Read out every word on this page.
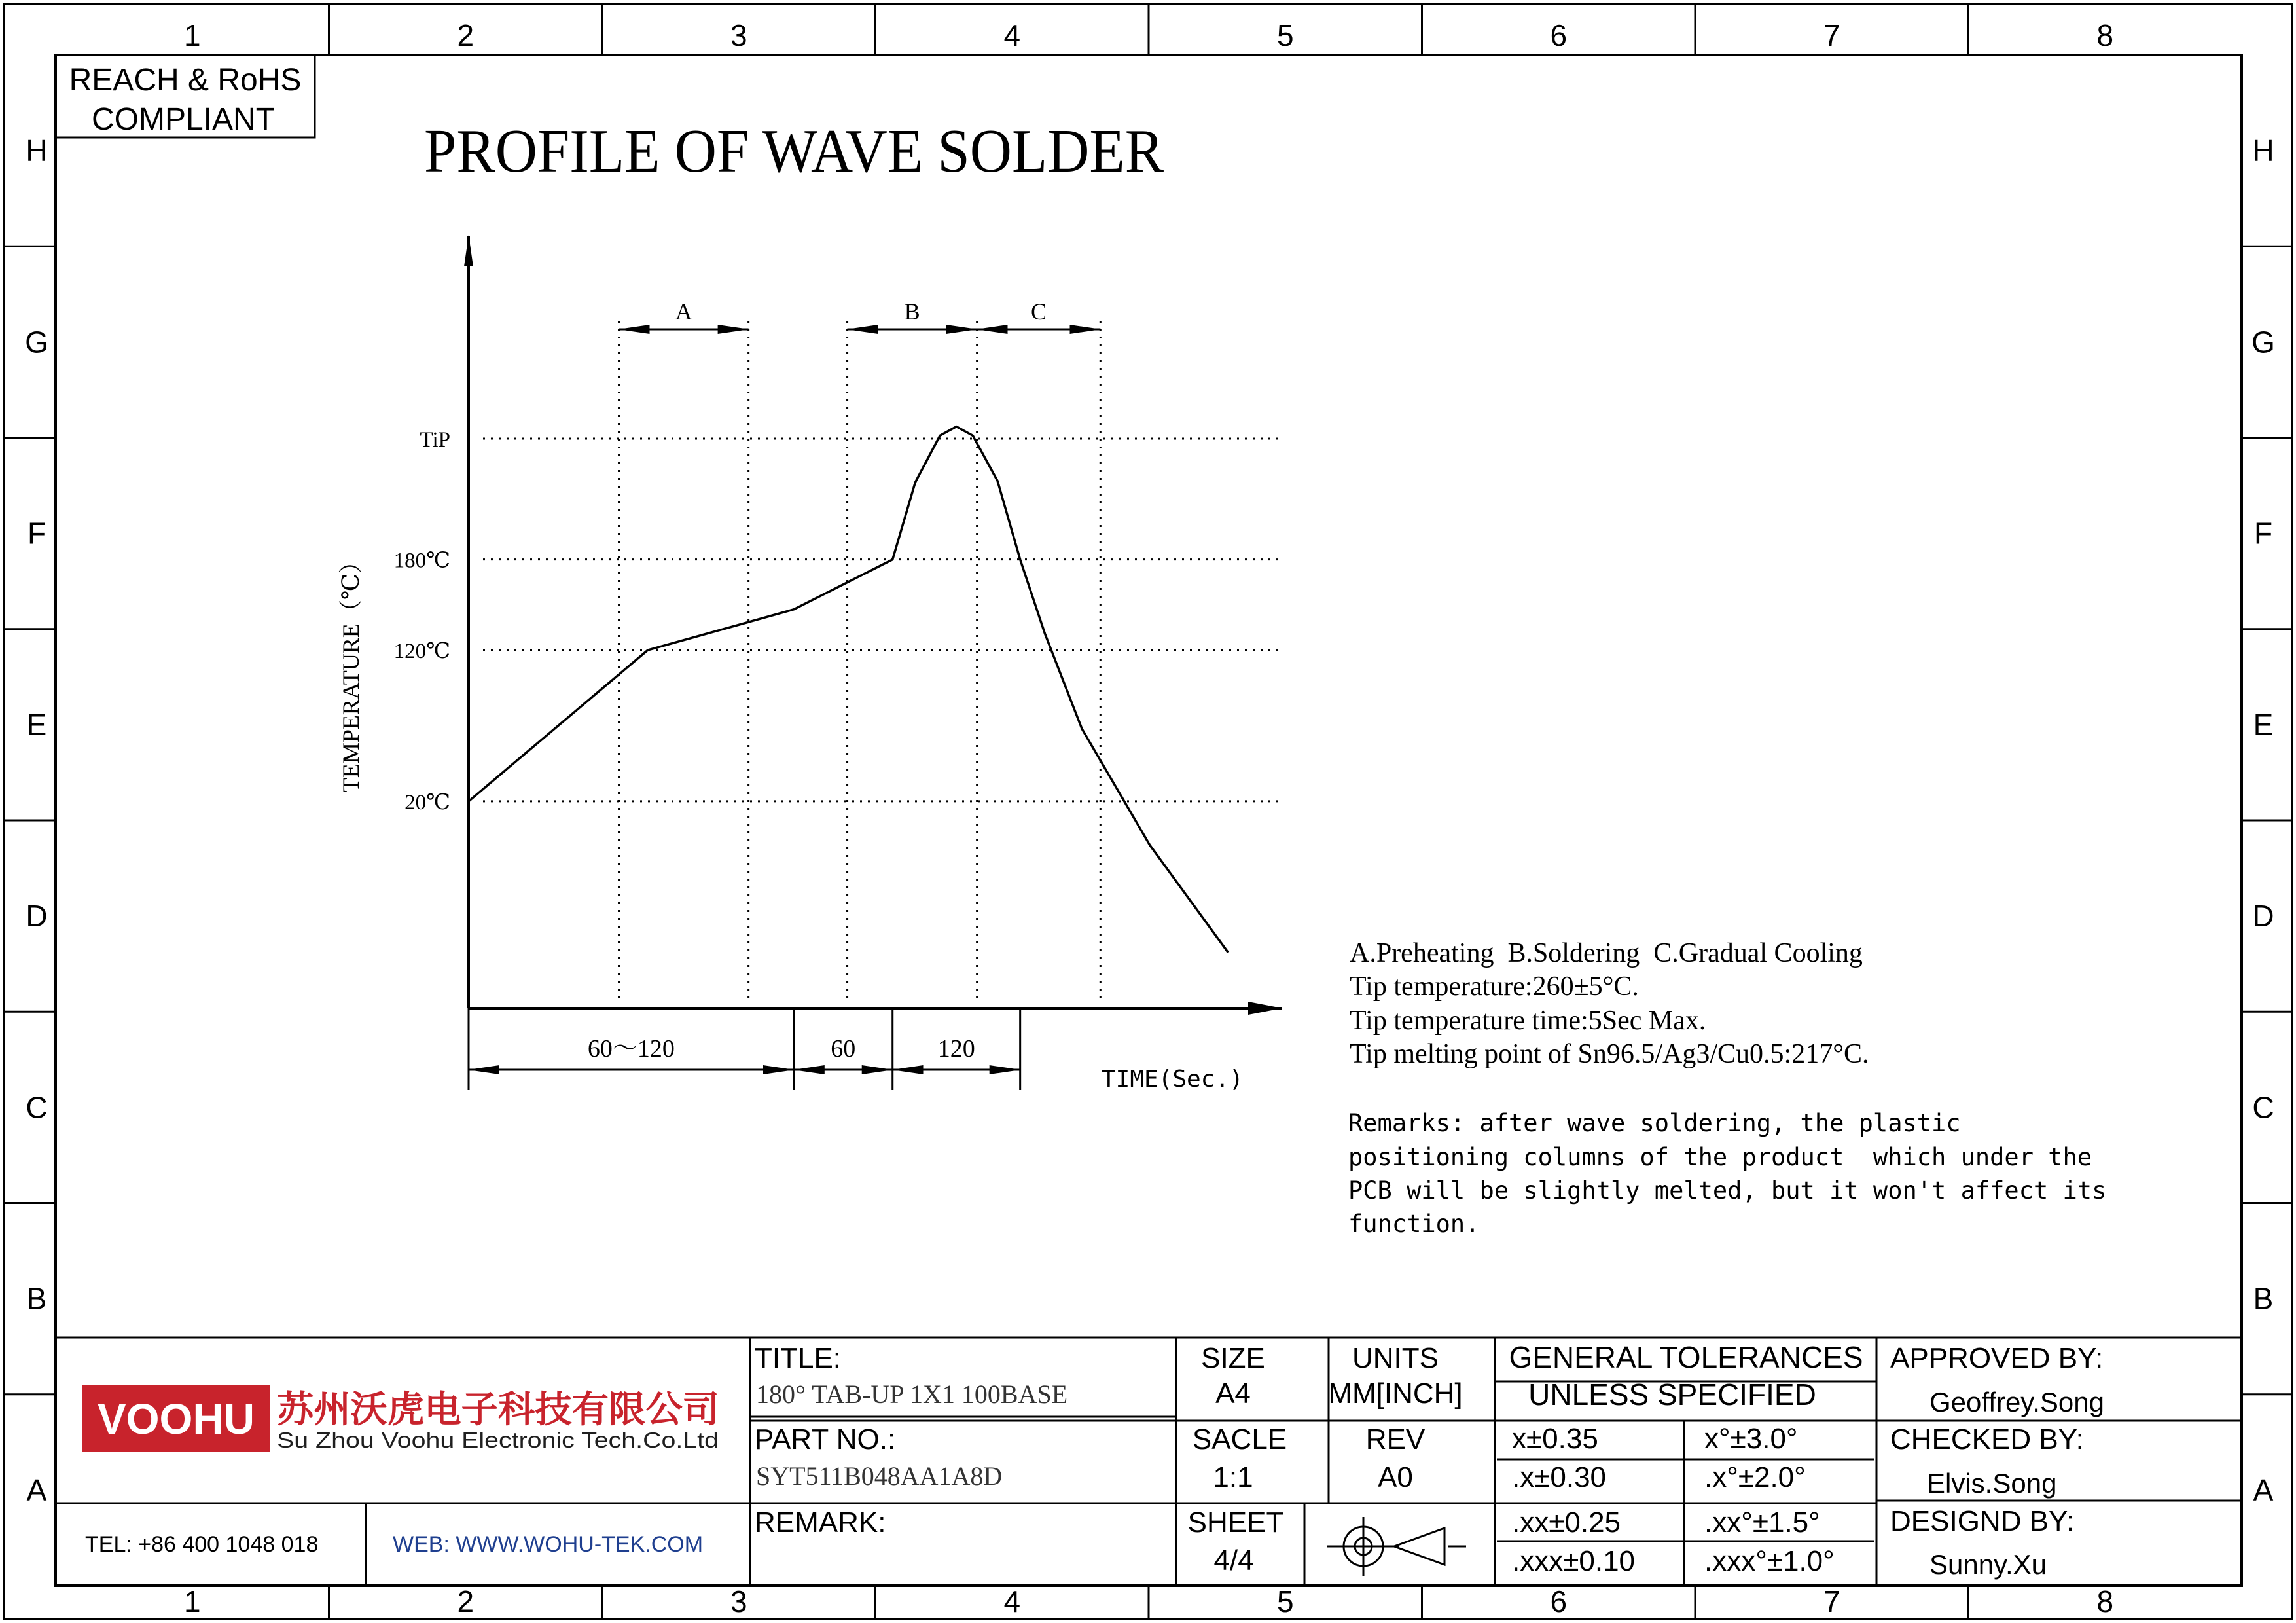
1
1
2
2
3
3
4
4
5
5
6
6
7
7
8
8
H	H
G	G
F	F
E	E
D	D
C	C
B	B
A	A
REACH & RoHS
COMPLIANT PROFILE OF WAVE SOLDER
20℃
120℃
180℃
TiP
A	B	C
60～120	60	120
TEMPERATURE（℃）
TIME(Sec.)
A.Preheating  B.Soldering  C.Gradual Cooling
Tip temperature:260±5°C.
Tip temperature time:5Sec Max.
Tip melting point of Sn96.5/Ag3/Cu0.5:217°C.
Remarks: after wave soldering, the plastic
positioning columns of the product  which under the
PCB will be slightly melted, but it won't affect its
function.
VOOHU 苏州沃虎电子科技有限公司
Su Zhou Voohu Electronic Tech.Co.Ltd
TEL: +86 400 1048 018	WEB: WWW.WOHU-TEK.COM
TITLE:
180° TAB-UP 1X1 100BASE
PART NO.:
SYT511B048AA1A8D
REMARK:
SIZE
A4
UNITS
MM[INCH]
SACLE
1:1
REV
A0
SHEET
4/4
GENERAL TOLERANCES
UNLESS SPECIFIED
x±0.35	x°±3.0°
.x±0.30	.x°±2.0°
.xx±0.25	.xx°±1.5°
.xxx±0.10 .xxx°±1.0°
APPROVED BY:
Geoffrey.Song
CHECKED BY:
Elvis.Song
DESIGND BY:
Sunny.Xu
